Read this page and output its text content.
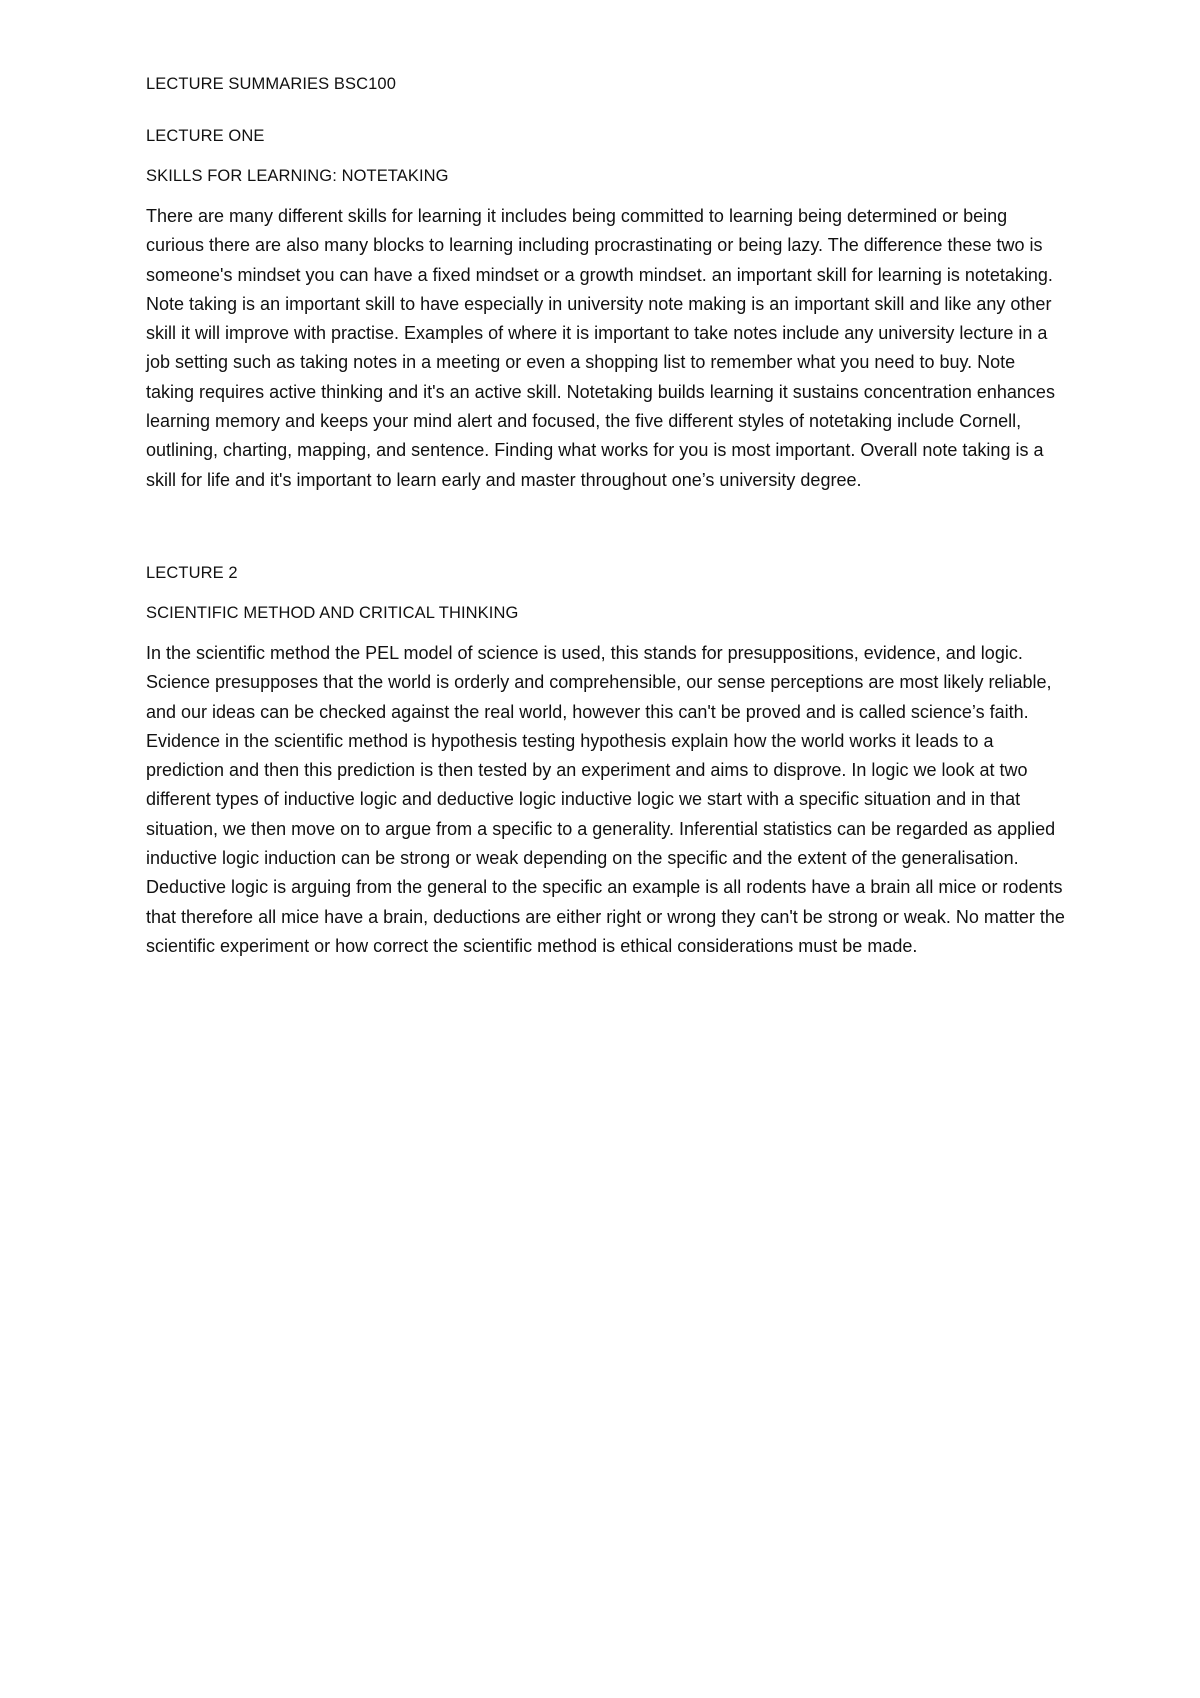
LECTURE SUMMARIES BSC100
LECTURE ONE
SKILLS FOR LEARNING: NOTETAKING

There are many different skills for learning it includes being committed to learning being determined or being curious there are also many blocks to learning including procrastinating or being lazy. The difference these two is someone's mindset you can have a fixed mindset or a growth mindset. an important skill for learning is notetaking. Note taking is an important skill to have especially in university note making is an important skill and like any other skill it will improve with practise. Examples of where it is important to take notes include any university lecture in a job setting such as taking notes in a meeting or even a shopping list to remember what you need to buy. Note taking requires active thinking and it's an active skill. Notetaking builds learning it sustains concentration enhances learning memory and keeps your mind alert and focused, the five different styles of notetaking include Cornell, outlining, charting, mapping, and sentence. Finding what works for you is most important. Overall note taking is a skill for life and it's important to learn early and master throughout one’s university degree.

LECTURE 2
SCIENTIFIC METHOD AND CRITICAL THINKING

In the scientific method the PEL model of science is used, this stands for presuppositions, evidence, and logic. Science presupposes that the world is orderly and comprehensible, our sense perceptions are most likely reliable, and our ideas can be checked against the real world, however this can't be proved and is called science’s faith. Evidence in the scientific method is hypothesis testing hypothesis explain how the world works it leads to a prediction and then this prediction is then tested by an experiment and aims to disprove. In logic we look at two different types of inductive logic and deductive logic inductive logic we start with a specific situation and in that situation, we then move on to argue from a specific to a generality. Inferential statistics can be regarded as applied inductive logic induction can be strong or weak depending on the specific and the extent of the generalisation. Deductive logic is arguing from the general to the specific an example is all rodents have a brain all mice or rodents that therefore all mice have a brain, deductions are either right or wrong they can't be strong or weak. No matter the scientific experiment or how correct the scientific method is ethical considerations must be made.
